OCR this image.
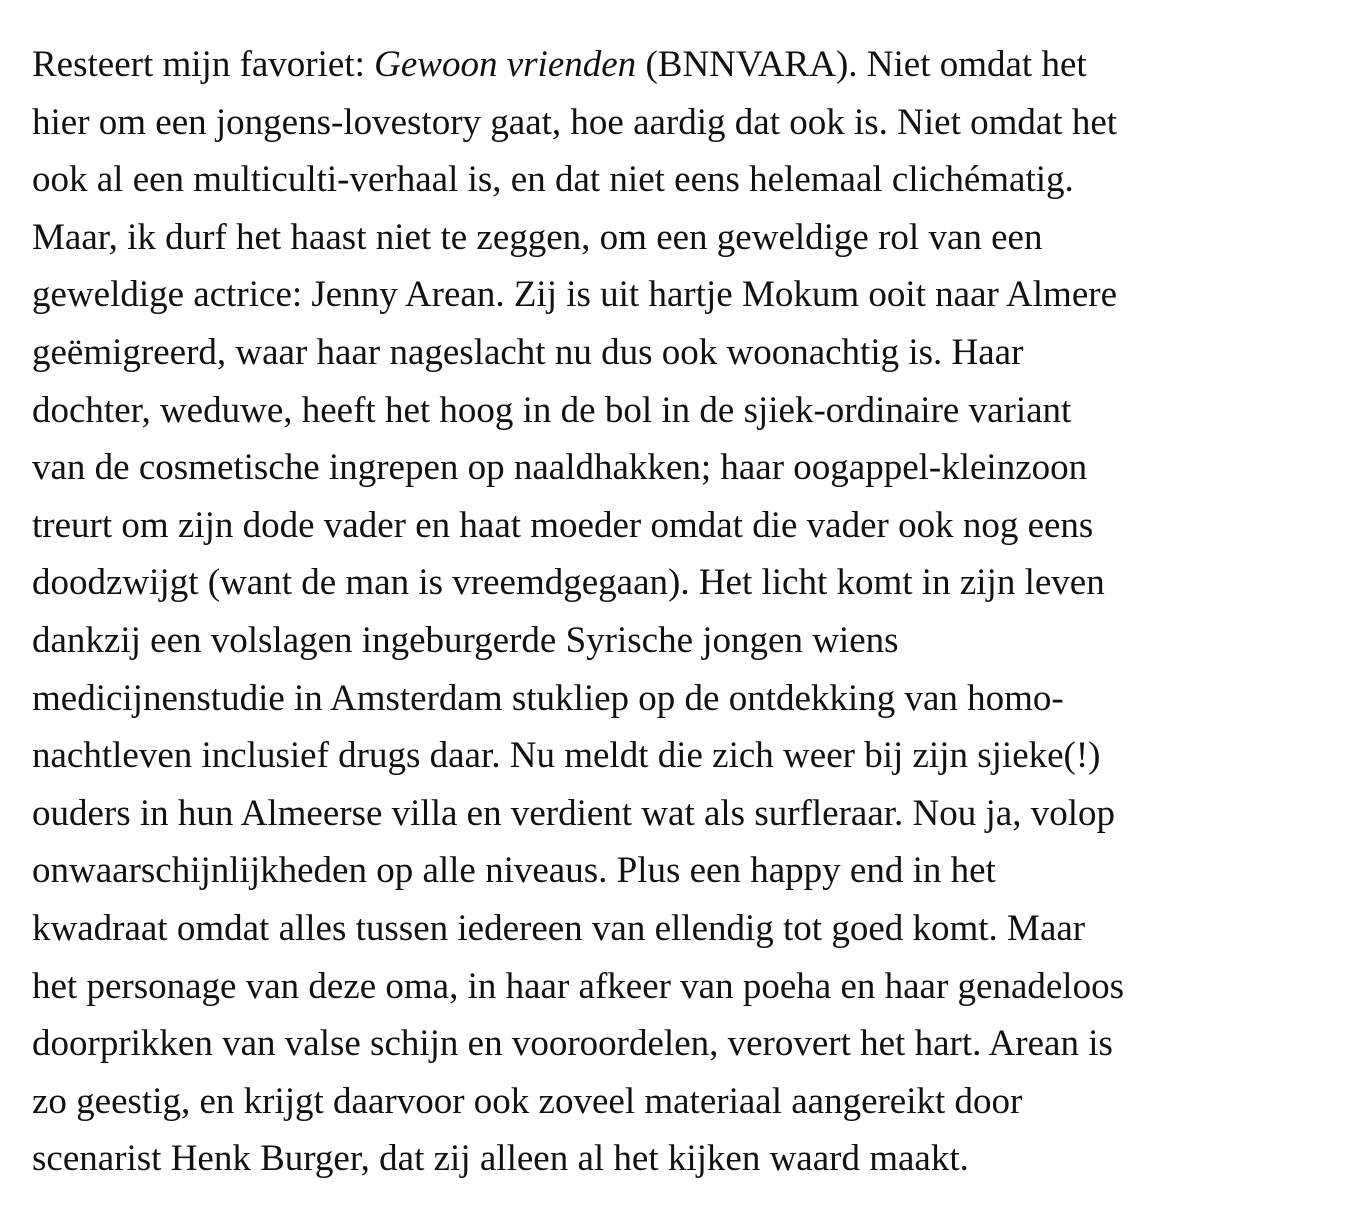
Resteert mijn favoriet: Gewoon vrienden (BNNVARA). Niet omdat het
hier om een jongens-lovestory gaat, hoe aardig dat ook is. Niet omdat het
ook al een multiculti-verhaal is, en dat niet eens helemaal clichématig.
Maar, ik durf het haast niet te zeggen, om een geweldige rol van een
geweldige actrice: Jenny Arean. Zij is uit hartje Mokum ooit naar Almere
geëmigreerd, waar haar nageslacht nu dus ook woonachtig is. Haar
dochter, weduwe, heeft het hoog in de bol in de sjiek-ordinaire variant
van de cosmetische ingrepen op naaldhakken; haar oogappel-kleinzoon
treurt om zijn dode vader en haat moeder omdat die vader ook nog eens
doodzwijgt (want de man is vreemdgegaan). Het licht komt in zijn leven
dankzij een volslagen ingeburgerde Syrische jongen wiens
medicijnenstudie in Amsterdam stukliep op de ontdekking van homo-
nachtleven inclusief drugs daar. Nu meldt die zich weer bij zijn sjieke(!)
ouders in hun Almeerse villa en verdient wat als surfleraar. Nou ja, volop
onwaarschijnlijkheden op alle niveaus. Plus een happy end in het
kwadraat omdat alles tussen iedereen van ellendig tot goed komt. Maar
het personage van deze oma, in haar afkeer van poeha en haar genadeloos
doorprikken van valse schijn en vooroordelen, verovert het hart. Arean is
zo geestig, en krijgt daarvoor ook zoveel materiaal aangereikt door
scenarist Henk Burger, dat zij alleen al het kijken waard maakt.
